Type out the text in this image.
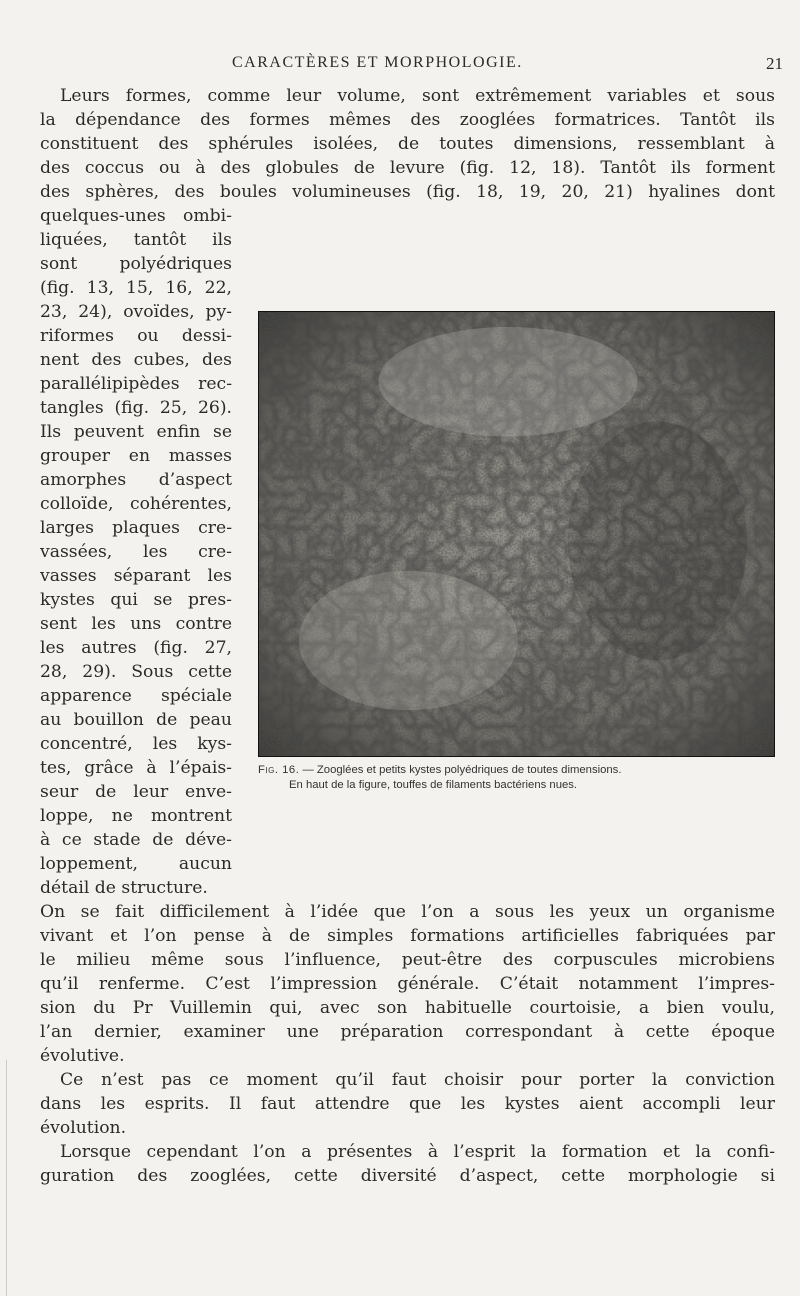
CARACTÈRES ET MORPHOLOGIE.	21
Leurs formes, comme leur volume, sont extrêmement variables et sous
la dépendance des formes mêmes des zooglées formatrices. Tantôt ils
constituent des sphérules isolées, de toutes dimensions, ressemblant à
des coccus ou à des globules de levure (fig. 12, 18). Tantôt ils forment
des sphères, des boules volumineuses (fig. 18, 19, 20, 21) hyalines dont
quelques-unes ombi-
liquées, tantôt ils
sont polyédriques
(fig. 13, 15, 16, 22,
23, 24), ovoïdes, py-
riformes ou dessi-
nent des cubes, des
parallélipipèdes rec-
tangles (fig. 25, 26).
Ils peuvent enfin se
grouper en masses
amorphes d’aspect
colloïde, cohérentes,
larges plaques cre-
vassées, les cre-
vasses séparant les
kystes qui se pres-
sent les uns contre
les autres (fig. 27,
28, 29). Sous cette
apparence spéciale
au bouillon de peau
concentré, les kys-
tes, grâce à l’épais-
seur de leur enve-
loppe, ne montrent
à ce stade de déve-
loppement, aucun
détail de structure.
Fig. 16. — Zooglées et petits kystes polyédriques de toutes dimensions.
En haut de la figure, touffes de filaments bactériens nues.
On se fait difficilement à l’idée que l’on a sous les yeux un organisme
vivant et l’on pense à de simples formations artificielles fabriquées par
le milieu même sous l’influence, peut-être des corpuscules microbiens
qu’il renferme. C’est l’impression générale. C’était notamment l’impres-
sion du Pr Vuillemin qui, avec son habituelle courtoisie, a bien voulu,
l’an dernier, examiner une préparation correspondant à cette époque
évolutive.
Ce n’est pas ce moment qu’il faut choisir pour porter la conviction
dans les esprits. Il faut attendre que les kystes aient accompli leur
évolution.
Lorsque cependant l’on a présentes à l’esprit la formation et la confi-
guration des zooglées, cette diversité d’aspect, cette morphologie si
